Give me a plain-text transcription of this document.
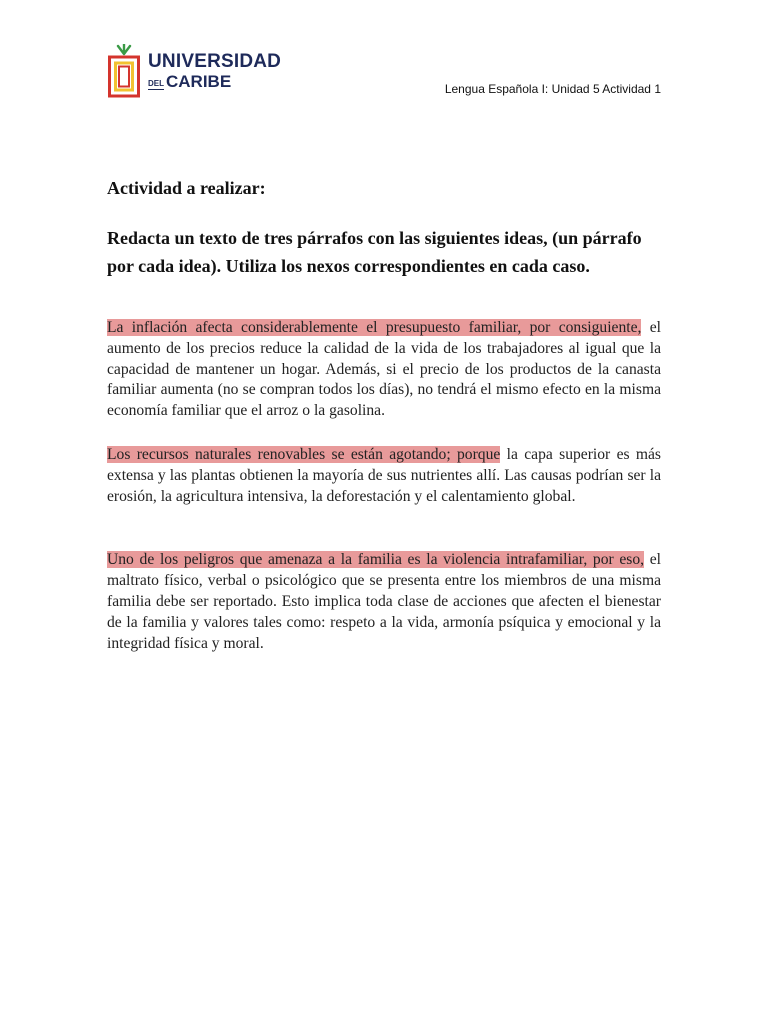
UNIVERSIDAD
DEL CARIBE	Lengua Española I: Unidad 5 Actividad 1
Actividad a realizar:
Redacta un texto de tres párrafos con las siguientes ideas, (un párrafo por cada idea). Utiliza los nexos correspondientes en cada caso.

La inflación afecta considerablemente el presupuesto familiar, por consiguiente, el aumento de los precios reduce la calidad de la vida de los trabajadores al igual que la capacidad de mantener un hogar. Además, si el precio de los productos de la canasta familiar aumenta (no se compran todos los días), no tendrá el mismo efecto en la misma economía familiar que el arroz o la gasolina.

Los recursos naturales renovables se están agotando; porque la capa superior es más extensa y las plantas obtienen la mayoría de sus nutrientes allí. Las causas podrían ser la erosión, la agricultura intensiva, la deforestación y el calentamiento global.

Uno de los peligros que amenaza a la familia es la violencia intrafamiliar, por eso, el maltrato físico, verbal o psicológico que se presenta entre los miembros de una misma familia debe ser reportado. Esto implica toda clase de acciones que afecten el bienestar de la familia y valores tales como: respeto a la vida, armonía psíquica y emocional y la integridad física y moral.
